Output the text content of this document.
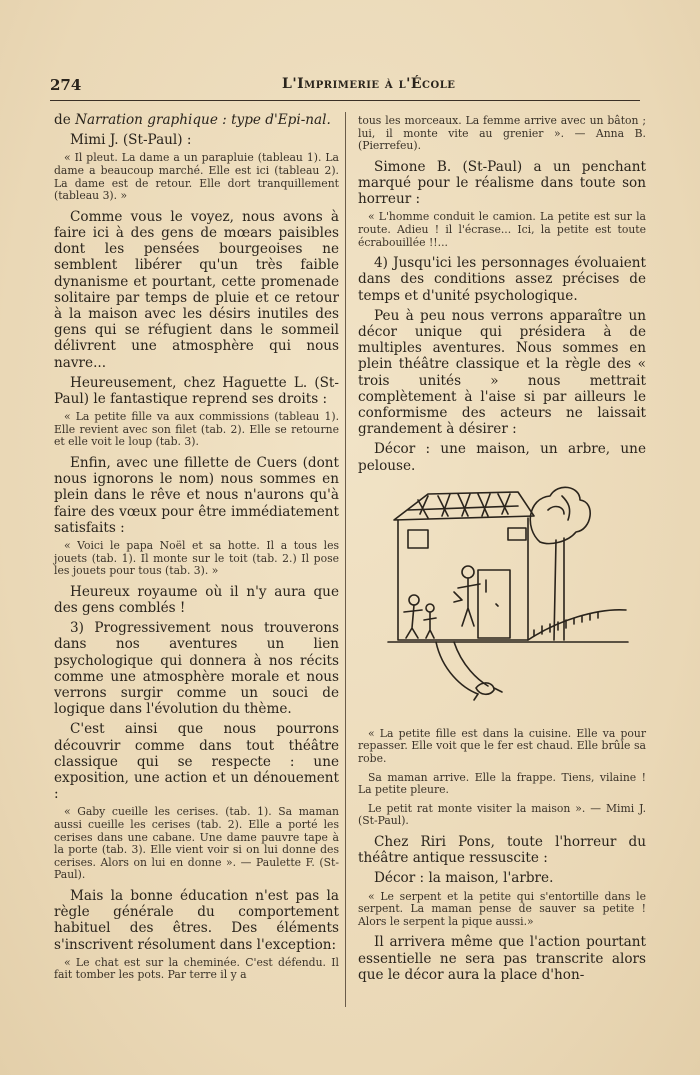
274	L'Imprimerie à l'École

de Narration graphique : type d'Epi-nal.

Mimi J. (St-Paul) :

« Il pleut. La dame a un parapluie (tableau 1). La dame a beaucoup marché. Elle est ici (tableau 2). La dame est de retour. Elle dort tranquillement (tableau 3). »

Comme vous le voyez, nous avons à faire ici à des gens de mœars paisibles dont les pensées bourgeoises ne semblent libérer qu'un très faible dynanisme et pourtant, cette promenade solitaire par temps de pluie et ce retour à la maison avec les désirs inutiles des gens qui se réfugient dans le sommeil délivrent une atmosphère qui nous navre...

Heureusement, chez Haguette L. (St-Paul) le fantastique reprend ses droits :

« La petite fille va aux commissions (tableau 1). Elle revient avec son filet (tab. 2). Elle se retourne et elle voit le loup (tab. 3).

Enfin, avec une fillette de Cuers (dont nous ignorons le nom) nous sommes en plein dans le rêve et nous n'aurons qu'à faire des vœux pour être immédiatement satisfaits :

« Voici le papa Noël et sa hotte. Il a tous les jouets (tab. 1). Il monte sur le toit (tab. 2.) Il pose les jouets pour tous (tab. 3). »

Heureux royaume où il n'y aura que des gens comblés !

3) Progressivement nous trouverons dans nos aventures un lien psychologique qui donnera à nos récits comme une atmosphère morale et nous verrons surgir comme un souci de logique dans l'évolution du thème.

C'est ainsi que nous pourrons découvrir comme dans tout théâtre classique qui se respecte : une exposition, une action et un dénouement :

« Gaby cueille les cerises. (tab. 1). Sa maman aussi cueille les cerises (tab. 2). Elle a porté les cerises dans une cabane. Une dame pauvre tape à la porte (tab. 3). Elle vient voir si on lui donne des cerises. Alors on lui en donne ». — Paulette F. (St-Paul).

Mais la bonne éducation n'est pas la règle générale du comportement habituel des êtres. Des éléments s'inscrivent résolument dans l'exception:

« Le chat est sur la cheminée. C'est défendu. Il fait tomber les pots. Par terre il y a

tous les morceaux. La femme arrive avec un bâton ; lui, il monte vite au grenier ». — Anna B. (Pierrefeu).

Simone B. (St-Paul) a un penchant marqué pour le réalisme dans toute son horreur :

« L'homme conduit le camion. La petite est sur la route. Adieu ! il l'écrase... Ici, la petite est toute écrabouillée !!...

4) Jusqu'ici les personnages évoluaient dans des conditions assez précises de temps et d'unité psychologique.

Peu à peu nous verrons apparaître un décor unique qui présidera à de multiples aventures. Nous sommes en plein théâtre classique et la règle des « trois unités » nous mettrait complètement à l'aise si par ailleurs le conformisme des acteurs ne laissait grandement à désirer :

Décor : une maison, un arbre, une pelouse.

« La petite fille est dans la cuisine. Elle va pour repasser. Elle voit que le fer est chaud. Elle brûle sa robe.

Sa maman arrive. Elle la frappe. Tiens, vilaine ! La petite pleure.

Le petit rat monte visiter la maison ». — Mimi J. (St-Paul).

Chez Riri Pons, toute l'horreur du théâtre antique ressuscite :

Décor : la maison, l'arbre.

« Le serpent et la petite qui s'entortille dans le serpent. La maman pense de sauver sa petite ! Alors le serpent la pique aussi.»

Il arrivera même que l'action pourtant essentielle ne sera pas transcrite alors que le décor aura la place d'hon-
